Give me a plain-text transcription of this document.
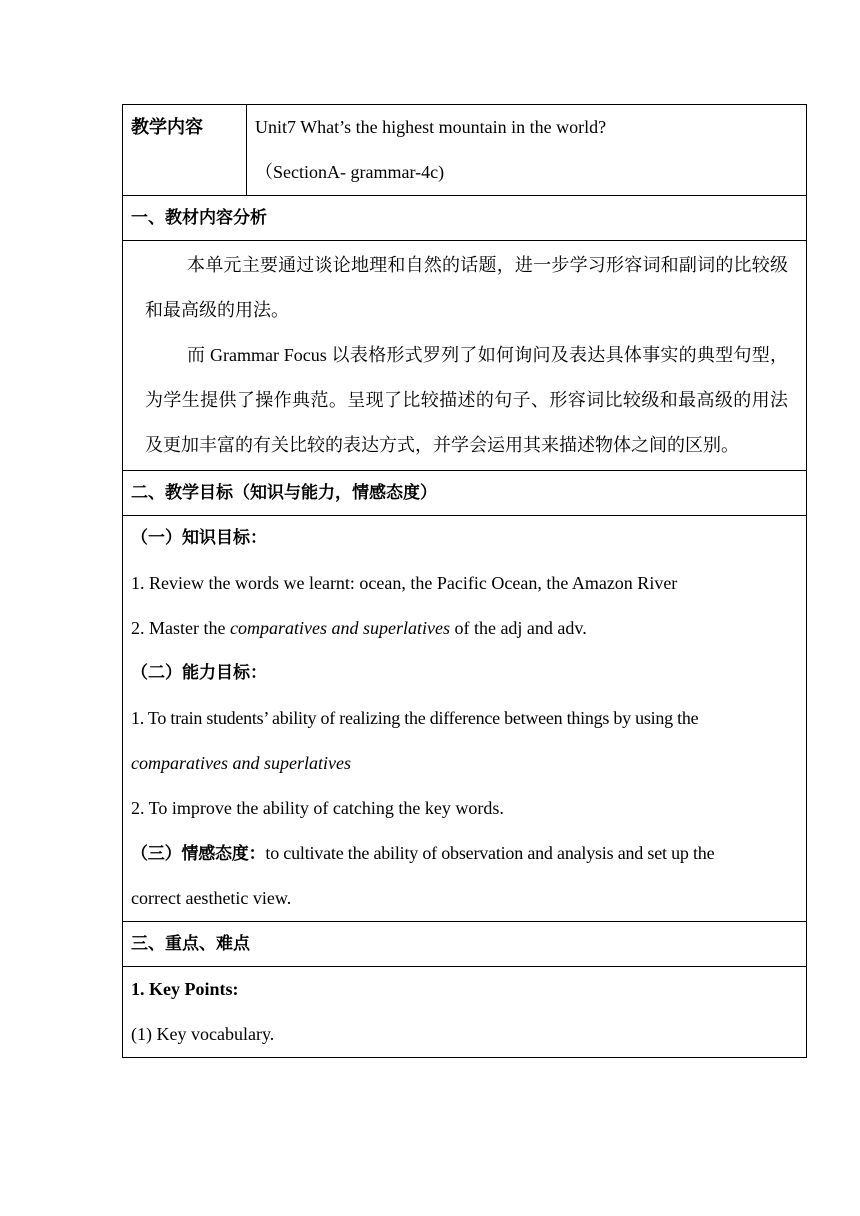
教学内容	Unit7 What’s the highest mountain in the world?
（SectionA- grammar-4c)

一、教材内容分析

本单元主要通过谈论地理和自然的话题，进一步学习形容词和副词的比较级和最高级的用法。

而 Grammar Focus 以表格形式罗列了如何询问及表达具体事实的典型句型，为学生提供了操作典范。呈现了比较描述的句子、形容词比较级和最高级的用法及更加丰富的有关比较的表达方式，并学会运用其来描述物体之间的区别。

二、教学目标（知识与能力，情感态度）

（一）知识目标：
1. Review the words we learnt: ocean, the Pacific Ocean, the Amazon River
2. Master the comparatives and superlatives of the adj and adv.
（二）能力目标：
1. To train students’ ability of realizing the difference between things by using the
comparatives and superlatives
2. To improve the ability of catching the key words.
（三）情感态度：to cultivate the ability of observation and analysis and set up the
correct aesthetic view.

三、重点、难点

1. Key Points:
(1) Key vocabulary.
